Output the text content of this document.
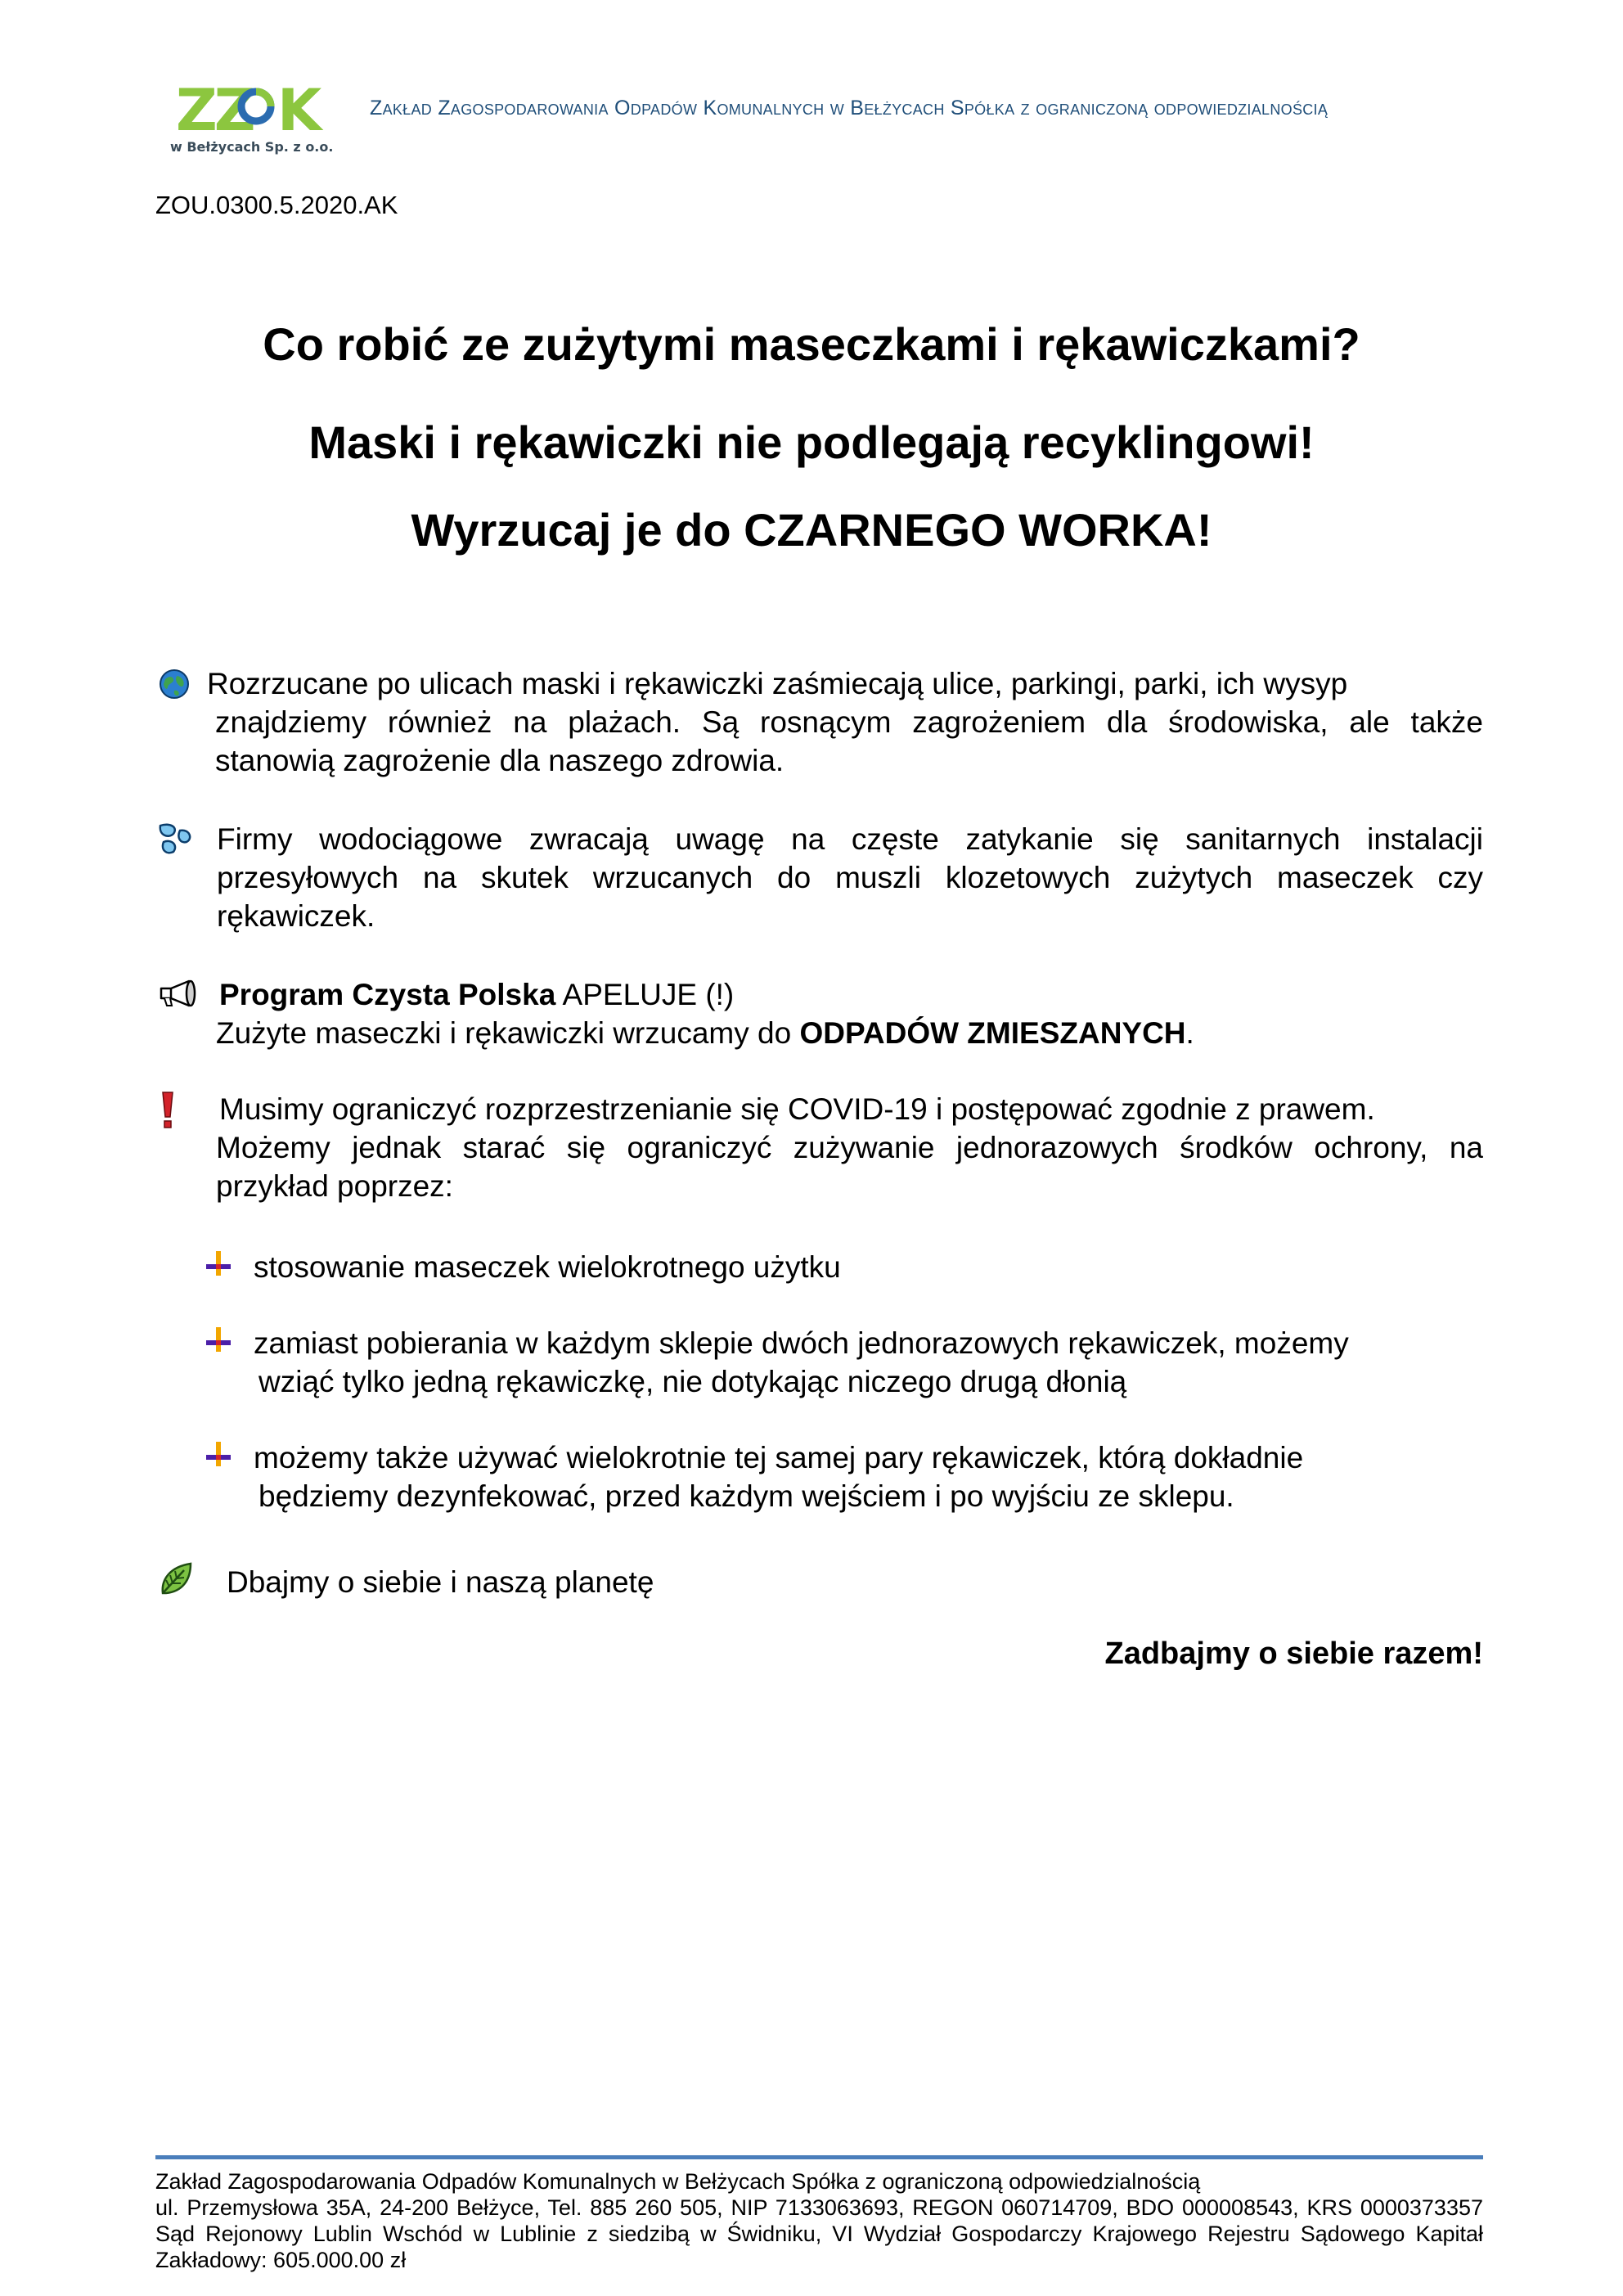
ZZ K
w Bełżycach Sp. z o.o.
Zakład Zagospodarowania Odpadów Komunalnych w Bełżycach Spółka z ograniczoną odpowiedzialnością
ZOU.0300.5.2020.AK
Co robić ze zużytymi maseczkami i rękawiczkami?
Maski i rękawiczki nie podlegają recyklingowi!
Wyrzucaj je do CZARNEGO WORKA!

Rozrzucane po ulicach maski i rękawiczki zaśmiecają ulice, parkingi, parki, ich wysyp

znajdziemy również na plażach. Są rosnącym zagrożeniem dla środowiska, ale także stanowią zagrożenie dla naszego zdrowia.

Firmy wodociągowe zwracają uwagę na częste zatykanie się sanitarnych instalacji przesyłowych na skutek wrzucanych do muszli klozetowych zużytych maseczek czy rękawiczek.

Program Czysta Polska APELUJE (!)

Zużyte maseczki i rękawiczki wrzucamy do ODPADÓW ZMIESZANYCH.

Musimy ograniczyć rozprzestrzenianie się COVID-19 i postępować zgodnie z prawem.

Możemy jednak starać się ograniczyć zużywanie jednorazowych środków ochrony, na przykład poprzez:

stosowanie maseczek wielokrotnego użytku

zamiast pobierania w każdym sklepie dwóch jednorazowych rękawiczek, możemy

wziąć tylko jedną rękawiczkę, nie dotykając niczego drugą dłonią

możemy także używać wielokrotnie tej samej pary rękawiczek, którą dokładnie

będziemy dezynfekować, przed każdym wejściem i po wyjściu ze sklepu.

Dbajmy o siebie i naszą planetę
Zadbajmy o siebie razem!

Zakład Zagospodarowania Odpadów Komunalnych w Bełżycach Spółka z ograniczoną odpowiedzialnością

ul. Przemysłowa 35A, 24-200 Bełżyce, Tel. 885 260 505, NIP 7133063693, REGON 060714709, BDO 000008543, KRS 0000373357 Sąd Rejonowy Lublin Wschód w Lublinie z siedzibą w Świdniku, VI Wydział Gospodarczy Krajowego Rejestru Sądowego Kapitał Zakładowy: 605.000.00 zł
